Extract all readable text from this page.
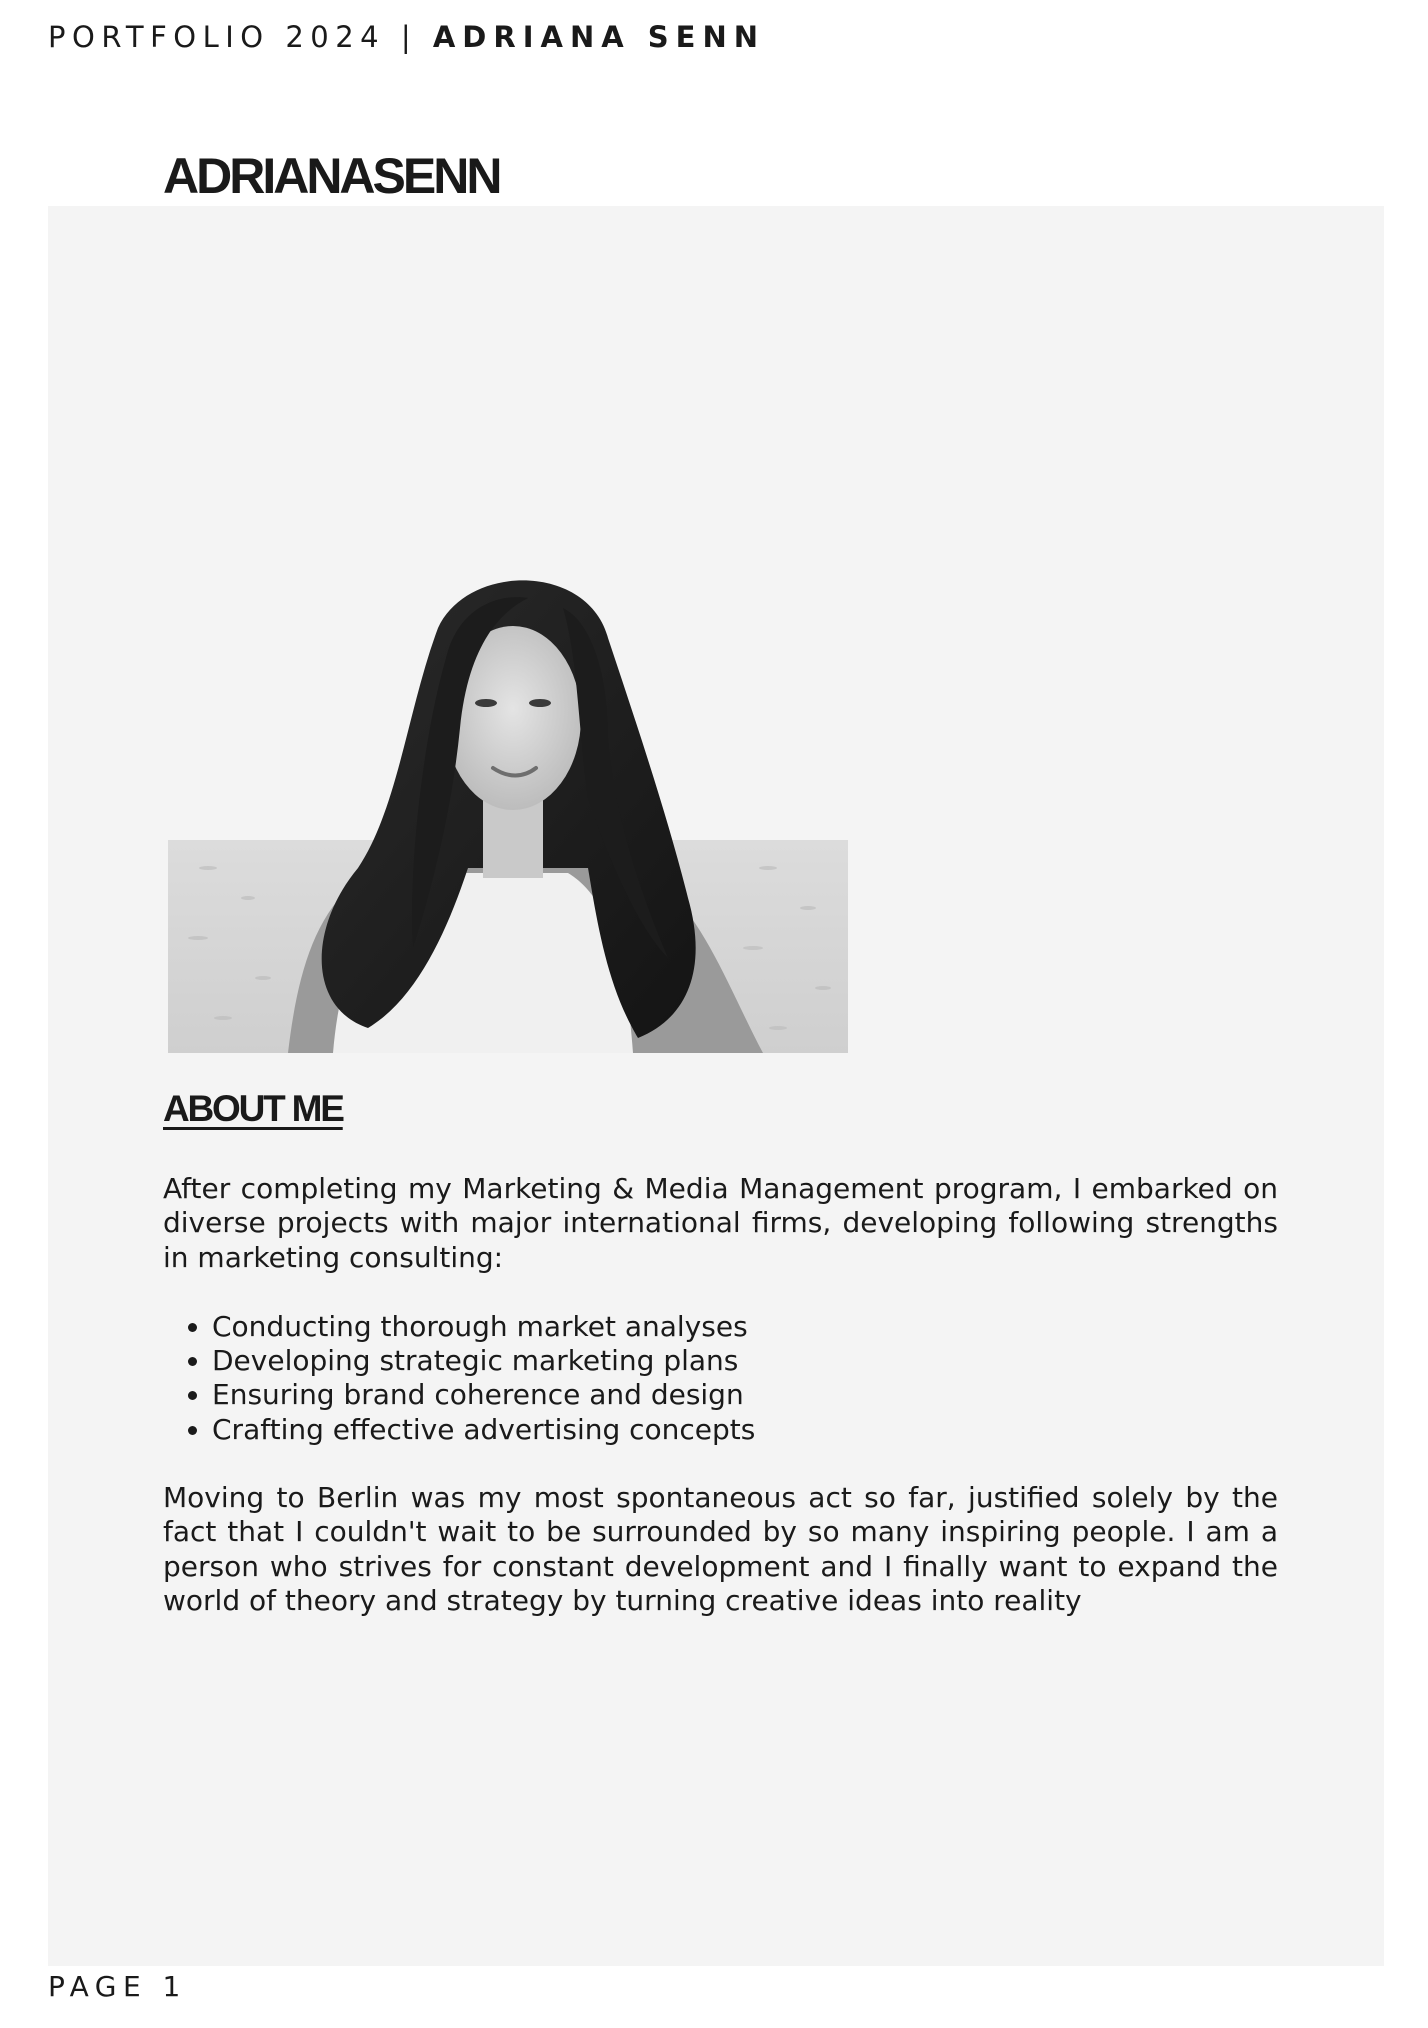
PORTFOLIO 2024 | ADRIANA SENN
ADRIANASENN
ABOUT ME

After completing my Marketing & Media Management program, I embarked on diverse projects with major international firms, developing following strengths in marketing consulting:

• Conducting thorough market analyses
• Developing strategic marketing plans
• Ensuring brand coherence and design
• Crafting effective advertising concepts

Moving to Berlin was my most spontaneous act so far, justified solely by the fact that I couldn't wait to be surrounded by so many inspiring people. I am a person who strives for constant development and I finally want to expand the world of theory and strategy by turning creative ideas into reality

PAGE 1
